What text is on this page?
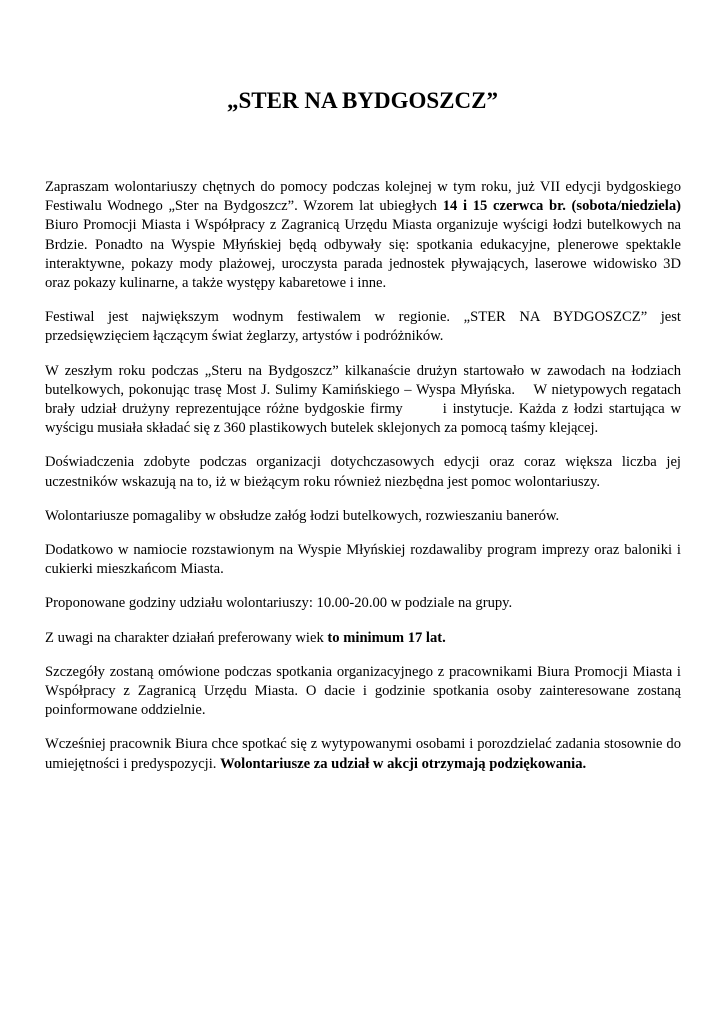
„STER NA BYDGOSZCZ”

Zapraszam wolontariuszy chętnych do pomocy podczas kolejnej w tym roku, już VII edycji bydgoskiego Festiwalu Wodnego „Ster na Bydgoszcz”. Wzorem lat ubiegłych 14 i 15 czerwca br. (sobota/niedziela) Biuro Promocji Miasta i Współpracy z Zagranicą Urzędu Miasta organizuje wyścigi łodzi butelkowych na Brdzie. Ponadto na Wyspie Młyńskiej będą odbywały się: spotkania edukacyjne, plenerowe spektakle interaktywne, pokazy mody plażowej, uroczysta parada jednostek pływających, laserowe widowisko 3D oraz pokazy kulinarne, a także występy kabaretowe i inne.

Festiwal jest największym wodnym festiwalem w regionie. „STER NA BYDGOSZCZ” jest przedsięwzięciem łączącym świat żeglarzy, artystów i podróżników.

W zeszłym roku podczas „Steru na Bydgoszcz” kilkanaście drużyn startowało w zawodach na łodziach butelkowych, pokonując trasę Most J. Sulimy Kamińskiego – Wyspa Młyńska.    W nietypowych regatach brały udział drużyny reprezentujące różne bydgoskie firmy       i instytucje. Każda z łodzi startująca w wyścigu musiała składać się z 360 plastikowych butelek sklejonych za pomocą taśmy klejącej.

Doświadczenia zdobyte podczas organizacji dotychczasowych edycji oraz coraz większa liczba jej uczestników wskazują na to, iż w bieżącym roku również niezbędna jest pomoc wolontariuszy.

Wolontariusze pomagaliby w obsłudze załóg łodzi butelkowych, rozwieszaniu banerów.

Dodatkowo w namiocie rozstawionym na Wyspie Młyńskiej rozdawaliby program imprezy oraz baloniki i cukierki mieszkańcom Miasta.

Proponowane godziny udziału wolontariuszy: 10.00-20.00 w podziale na grupy.

Z uwagi na charakter działań preferowany wiek to minimum 17 lat.

Szczegóły zostaną omówione podczas spotkania organizacyjnego z pracownikami Biura Promocji Miasta i Współpracy z Zagranicą Urzędu Miasta. O dacie i godzinie spotkania osoby zainteresowane zostaną poinformowane oddzielnie.

Wcześniej pracownik Biura chce spotkać się z wytypowanymi osobami i porozdzielać zadania stosownie do umiejętności i predyspozycji. Wolontariusze za udział w akcji otrzymają podziękowania.
